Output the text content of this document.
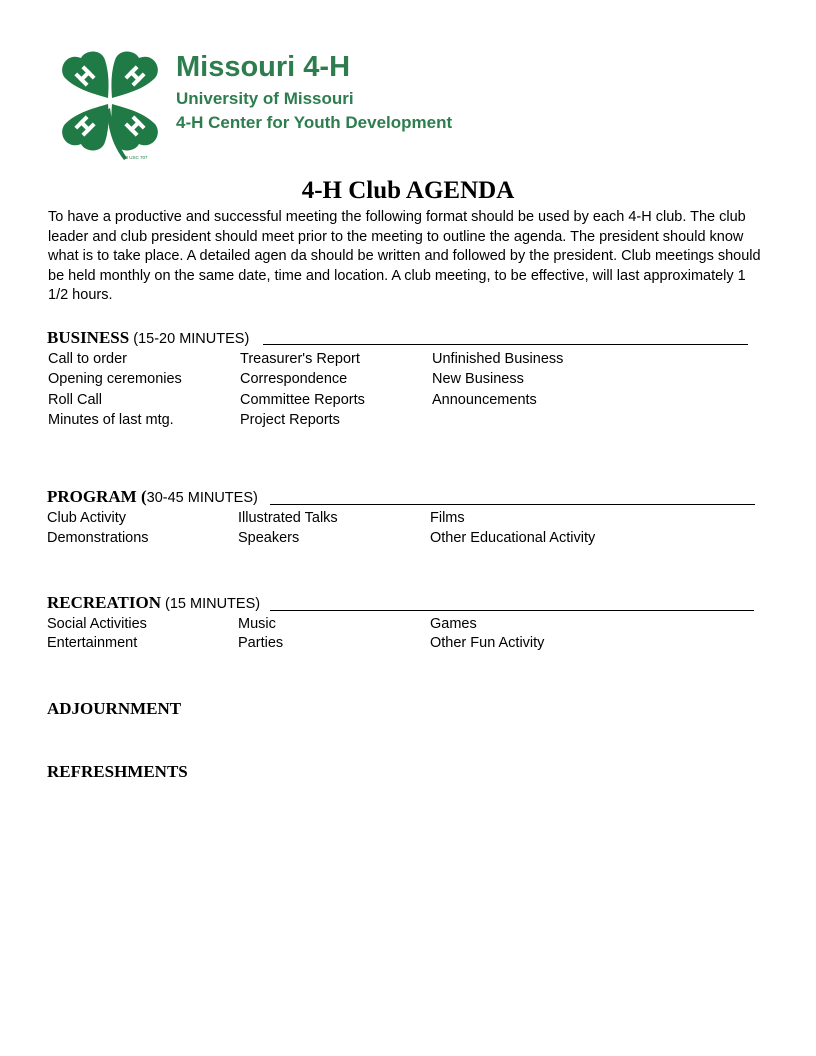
18 USC 707
Missouri 4-H

University of Missouri

4-H Center for Youth Development

4-H Club AGENDA

To have a productive and successful meeting the following format should be used by each 4-H club. The club leader and club president should meet prior to the meeting to outline the agenda. The president should know what is to take place. A detailed agen da should be written and followed by the president. Club meetings should be held monthly on the same date, time and location. A club meeting, to be effective, will last approximately 1 1/2 hours.

BUSINESS (15-20 MINUTES)

Call to order

Opening ceremonies

Roll Call

Minutes of last mtg.

Treasurer's Report

Correspondence

Committee Reports

Project Reports

Unfinished Business

New Business

Announcements

PROGRAM (30-45 MINUTES)

Club Activity

Demonstrations

Illustrated Talks

Speakers

Films

Other Educational Activity

RECREATION (15 MINUTES)

Social Activities

Entertainment

Music

Parties

Games

Other Fun Activity

ADJOURNMENT

REFRESHMENTS
